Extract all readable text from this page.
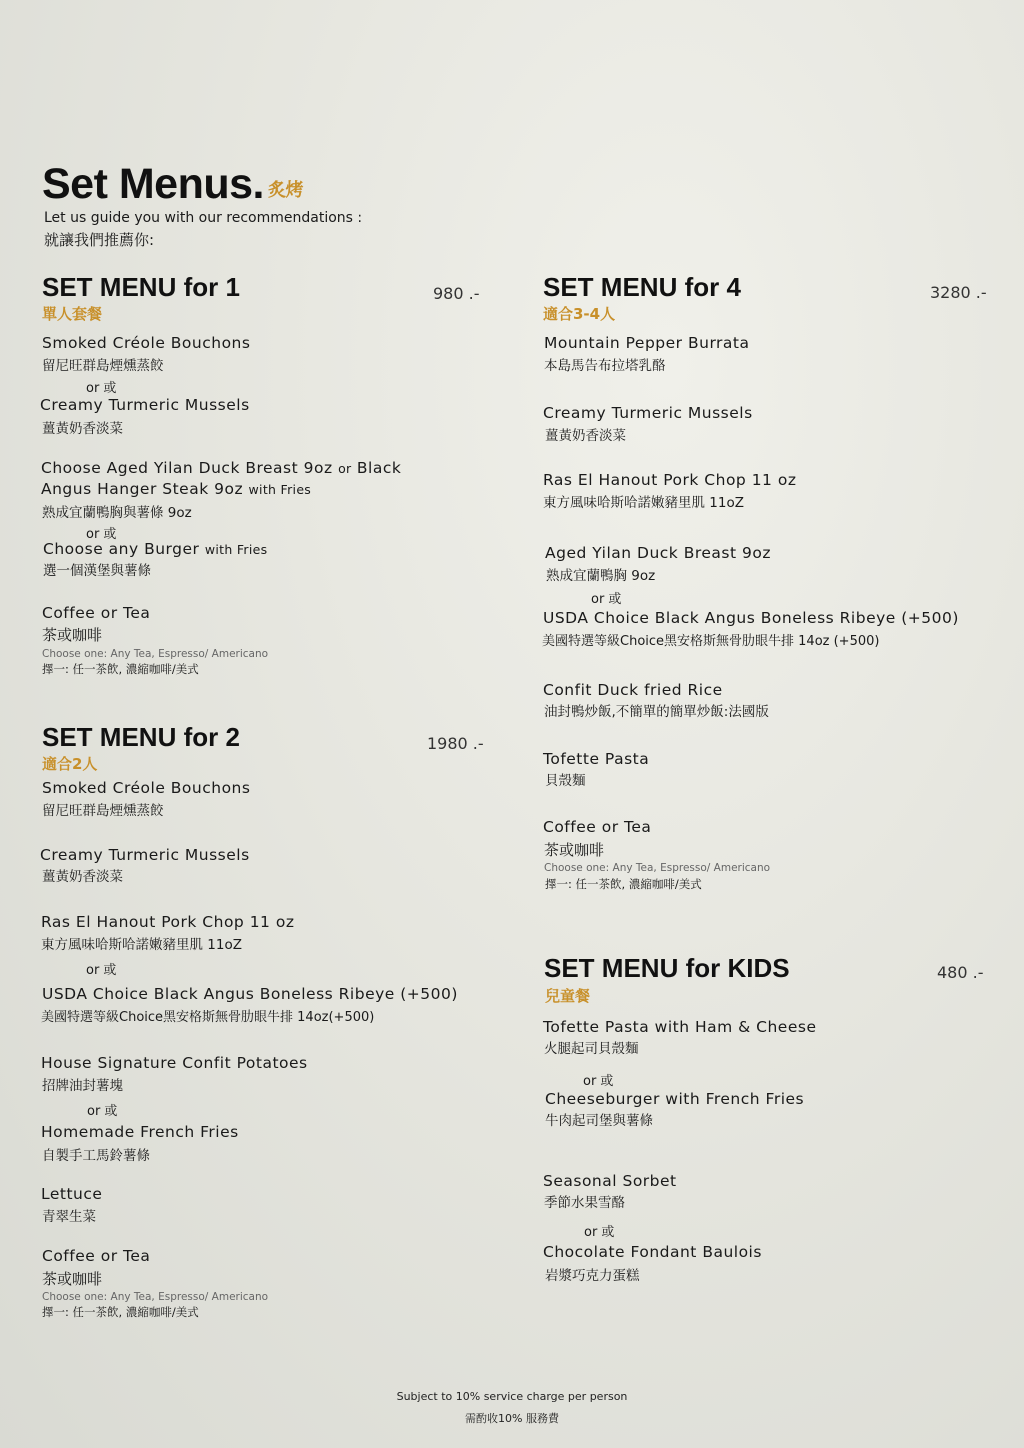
Set Menus. 炙烤
Let us guide you with our recommendations :
就讓我們推薦你:
SET MENU for 1	980 .-
單人套餐
Smoked Créole Bouchons
留尼旺群島煙燻蒸餃
or 或
Creamy Turmeric Mussels
薑黃奶香淡菜
Choose Aged Yilan Duck Breast 9oz or Black
Angus Hanger Steak 9oz with Fries
熟成宜蘭鴨胸與薯條 9oz
or 或
Choose any Burger with Fries
選一個漢堡與薯條
Coffee or Tea
茶或咖啡
Choose one: Any Tea, Espresso/ Americano
擇一: 任一茶飲, 濃縮咖啡/美式
SET MENU for 2	1980 .-
適合2人
Smoked Créole Bouchons
留尼旺群島煙燻蒸餃
Creamy Turmeric Mussels
薑黃奶香淡菜
Ras El Hanout Pork Chop 11 oz
東方風味哈斯哈諾嫩豬里肌 11oZ
or 或
USDA Choice Black Angus Boneless Ribeye (+500)
美國特選等級Choice黑安格斯無骨肋眼牛排 14oz(+500)
House Signature Confit Potatoes
招牌油封薯塊
or 或
Homemade French Fries
自製手工馬鈴薯條
Lettuce
青翠生菜
Coffee or Tea
茶或咖啡
Choose one: Any Tea, Espresso/ Americano
擇一: 任一茶飲, 濃縮咖啡/美式
SET MENU for 4	3280 .-
適合3-4人
Mountain Pepper Burrata
本島馬告布拉塔乳酪
Creamy Turmeric Mussels
薑黃奶香淡菜
Ras El Hanout Pork Chop 11 oz
東方風味哈斯哈諾嫩豬里肌 11oZ
Aged Yilan Duck Breast 9oz
熟成宜蘭鴨胸 9oz
or 或
USDA Choice Black Angus Boneless Ribeye (+500)
美國特選等級Choice黑安格斯無骨肋眼牛排 14oz (+500)
Confit Duck fried Rice
油封鴨炒飯,不簡單的簡單炒飯:法國版
Tofette Pasta
貝殼麵
Coffee or Tea
茶或咖啡
Choose one: Any Tea, Espresso/ Americano
擇一: 任一茶飲, 濃縮咖啡/美式
SET MENU for KIDS	480 .-
兒童餐
Tofette Pasta with Ham & Cheese
火腿起司貝殼麵
or 或
Cheeseburger with French Fries
牛肉起司堡與薯條
Seasonal Sorbet
季節水果雪酪
or 或
Chocolate Fondant Baulois
岩漿巧克力蛋糕
Subject to 10% service charge per person
需酌收10% 服務費
